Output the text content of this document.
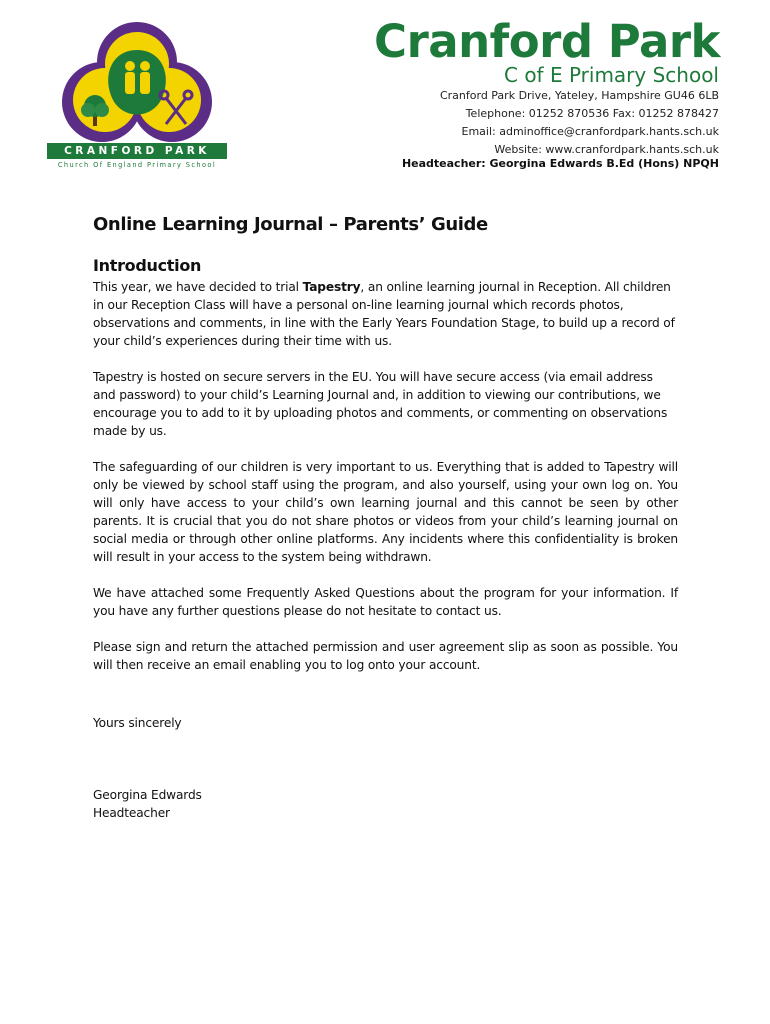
CRANFORD PARK
Church Of England Primary School
Cranford Park
C of E Primary School
Cranford Park Drive, Yateley, Hampshire GU46 6LB
Telephone: 01252 870536 Fax: 01252 878427
Email: adminoffice@cranfordpark.hants.sch.uk
Website: www.cranfordpark.hants.sch.uk
Headteacher: Georgina Edwards B.Ed (Hons) NPQH
Online Learning Journal – Parents’ Guide
Introduction

This year, we have decided to trial Tapestry, an online learning journal in Reception. All children in our Reception Class will have a personal on-line learning journal which records photos, observations and comments, in line with the Early Years Foundation Stage, to build up a record of your child’s experiences during their time with us.

Tapestry is hosted on secure servers in the EU. You will have secure access (via email address and password) to your child’s Learning Journal and, in addition to viewing our contributions, we encourage you to add to it by uploading photos and comments, or commenting on observations made by us.

The safeguarding of our children is very important to us. Everything that is added to Tapestry will only be viewed by school staff using the program, and also yourself, using your own log on. You will only have access to your child’s own learning journal and this cannot be seen by other parents. It is crucial that you do not share photos or videos from your child’s learning journal on social media or through other online platforms. Any incidents where this confidentiality is broken will result in your access to the system being withdrawn.

We have attached some Frequently Asked Questions about the program for your information. If you have any further questions please do not hesitate to contact us.

Please sign and return the attached permission and user agreement slip as soon as possible. You will then receive an email enabling you to log onto your account.

Yours sincerely

Georgina Edwards

Headteacher
